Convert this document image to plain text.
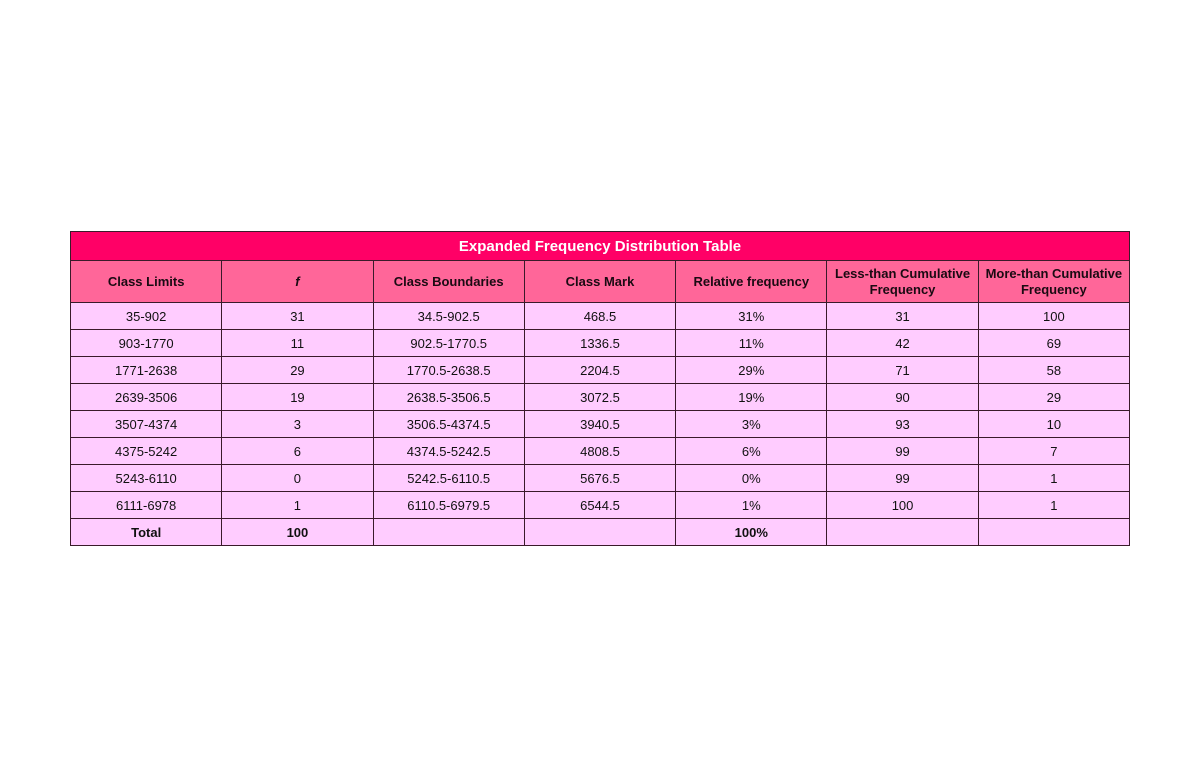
Expanded Frequency Distribution Table						
Class Limits	f	Class Boundaries	Class Mark	Relative frequency	Less-than Cumulative Frequency	More-than Cumulative Frequency
35-902	31	34.5-902.5	468.5	31%	31	100
903-1770	11	902.5-1770.5	1336.5	11%	42	69
1771-2638	29	1770.5-2638.5	2204.5	29%	71	58
2639-3506	19	2638.5-3506.5	3072.5	19%	90	29
3507-4374	3	3506.5-4374.5	3940.5	3%	93	10
4375-5242	6	4374.5-5242.5	4808.5	6%	99	7
5243-6110	0	5242.5-6110.5	5676.5	0%	99	1
6111-6978	1	6110.5-6979.5	6544.5	1%	100	1
Total	100			100%		
